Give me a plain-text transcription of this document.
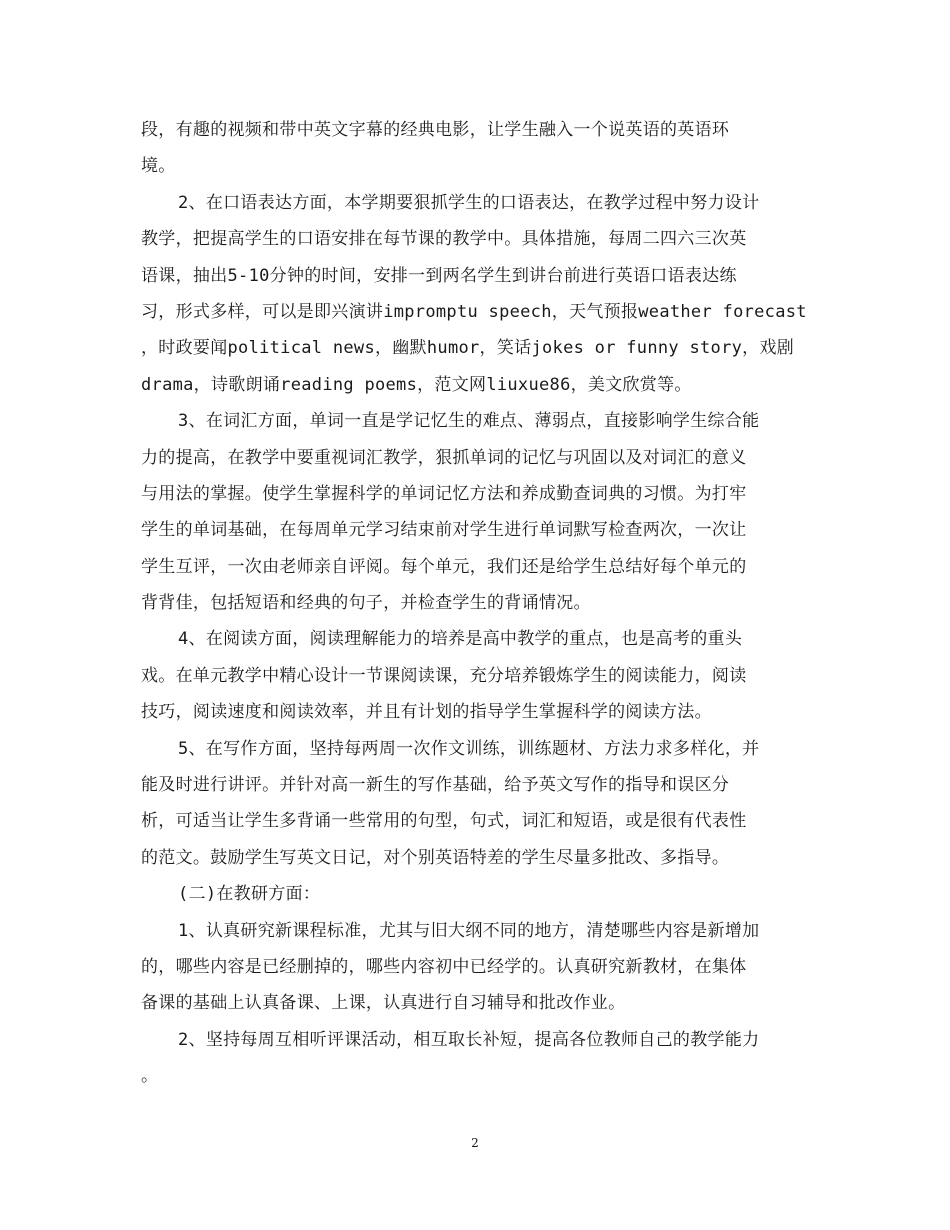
段，有趣的视频和带中英文字幕的经典电影，让学生融入一个说英语的英语环
境。
2、在口语表达方面，本学期要狠抓学生的口语表达，在教学过程中努力设计
教学，把提高学生的口语安排在每节课的教学中。具体措施，每周二四六三次英
语课，抽出5-10分钟的时间，安排一到两名学生到讲台前进行英语口语表达练
习，形式多样，可以是即兴演讲impromptu speech，天气预报weather forecast
，时政要闻political news，幽默humor，笑话jokes or funny story，戏剧
drama，诗歌朗诵reading poems，范文网liuxue86，美文欣赏等。
3、在词汇方面，单词一直是学记忆生的难点、薄弱点，直接影响学生综合能
力的提高，在教学中要重视词汇教学，狠抓单词的记忆与巩固以及对词汇的意义
与用法的掌握。使学生掌握科学的单词记忆方法和养成勤查词典的习惯。为打牢
学生的单词基础，在每周单元学习结束前对学生进行单词默写检查两次，一次让
学生互评，一次由老师亲自评阅。每个单元，我们还是给学生总结好每个单元的
背背佳，包括短语和经典的句子，并检查学生的背诵情况。
4、在阅读方面，阅读理解能力的培养是高中教学的重点，也是高考的重头
戏。在单元教学中精心设计一节课阅读课，充分培养锻炼学生的阅读能力，阅读
技巧，阅读速度和阅读效率，并且有计划的指导学生掌握科学的阅读方法。
5、在写作方面，坚持每两周一次作文训练，训练题材、方法力求多样化，并
能及时进行讲评。并针对高一新生的写作基础，给予英文写作的指导和误区分
析，可适当让学生多背诵一些常用的句型，句式，词汇和短语，或是很有代表性
的范文。鼓励学生写英文日记，对个别英语特差的学生尽量多批改、多指导。
(二)在教研方面：
1、认真研究新课程标准，尤其与旧大纲不同的地方，清楚哪些内容是新增加
的，哪些内容是已经删掉的，哪些内容初中已经学的。认真研究新教材，在集体
备课的基础上认真备课、上课，认真进行自习辅导和批改作业。
2、坚持每周互相听评课活动，相互取长补短，提高各位教师自己的教学能力
。
2
